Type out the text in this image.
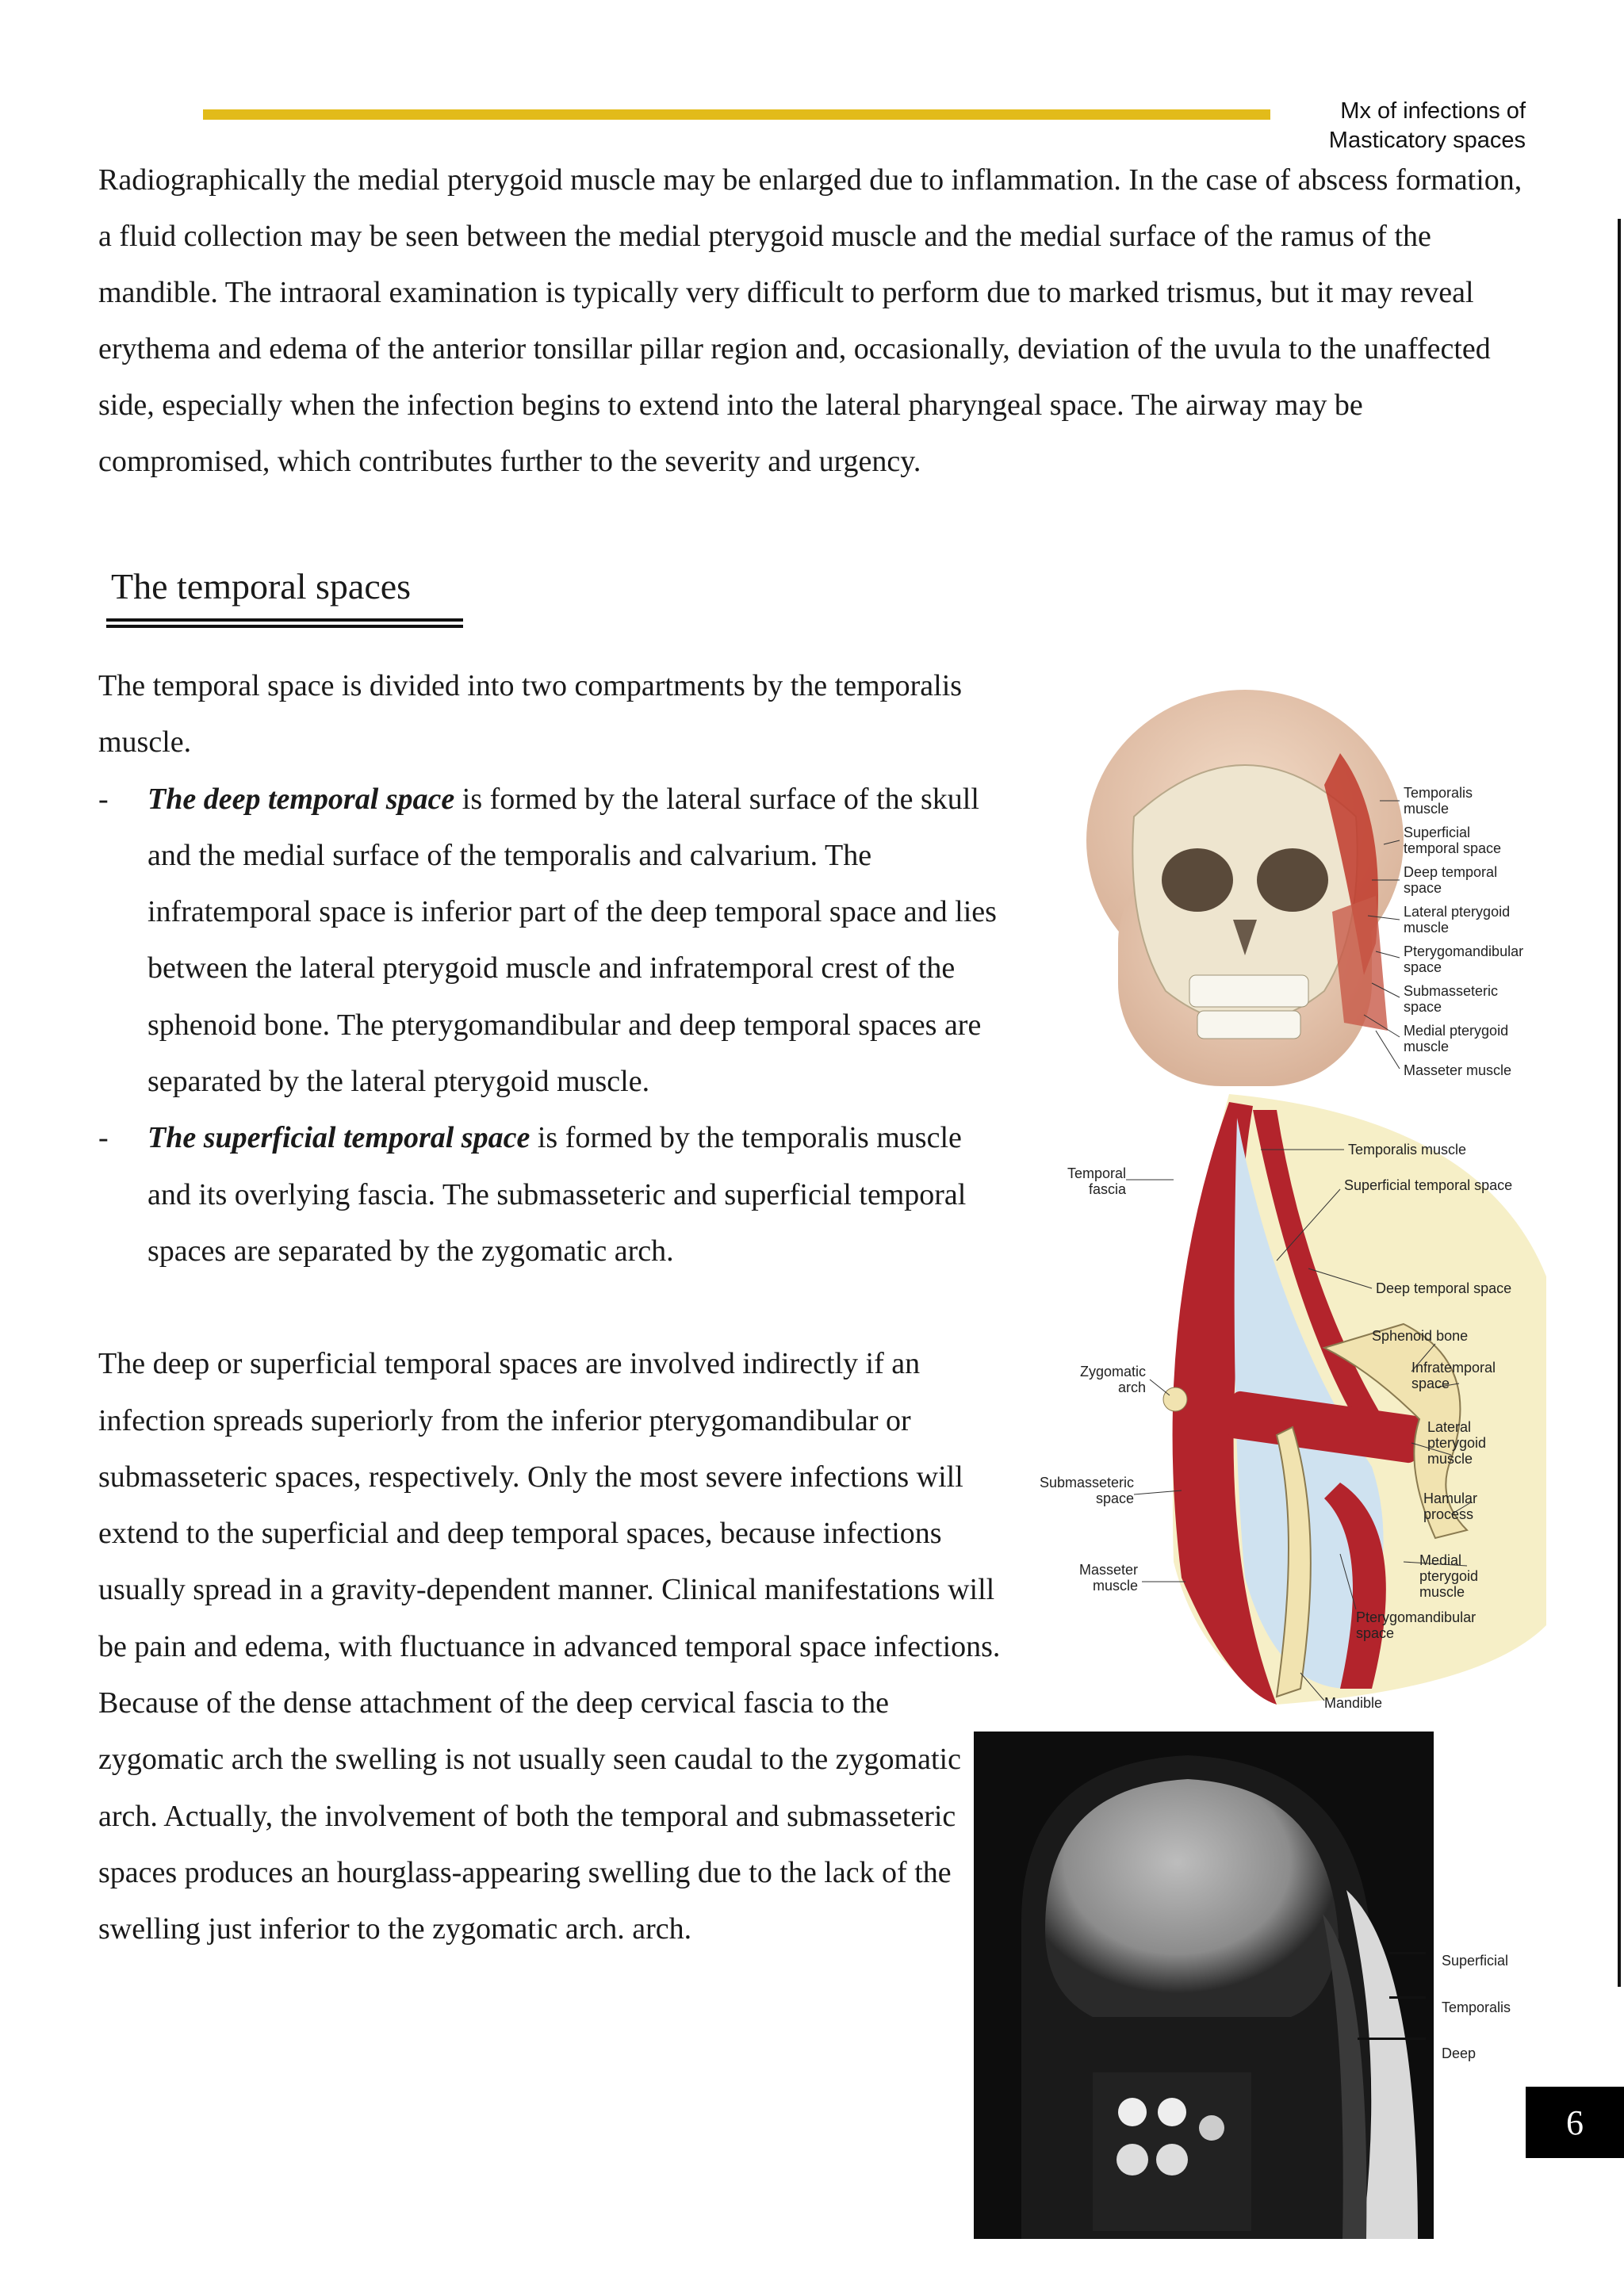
Mx of infections of
Masticatory spaces

Radiographically the medial pterygoid muscle may be enlarged due to inflammation. In the case of abscess formation, a fluid collection may be seen between the medial pterygoid muscle and the medial surface of the ramus of the mandible. The intraoral examination is typically very difficult to perform due to marked trismus, but it may reveal erythema and edema of the anterior tonsillar pillar region and, occasionally, deviation of the uvula to the unaffected side, especially when the infection begins to extend into the lateral pharyngeal space. The airway may be compromised, which contributes further to the severity and urgency.

The temporal spaces

The temporal space is divided into two compartments by the temporalis muscle.

-	The deep temporal space is formed by the lateral surface of the skull and the medial surface of the temporalis and calvarium. The infratemporal space is inferior part of the deep temporal space and lies between the lateral pterygoid muscle and infratemporal crest of the sphenoid bone. The pterygomandibular and deep temporal spaces are separated by the lateral pterygoid muscle.
-	The superficial temporal space is formed by the temporalis muscle and its overlying fascia. The submasseteric and superficial temporal spaces are separated by the zygomatic arch.

The deep or superficial temporal spaces are involved indirectly if an infection spreads superiorly from the inferior pterygomandibular or submasseteric spaces, respectively. Only the most severe infections will extend to the superficial and deep temporal spaces, because infections usually spread in a gravity-dependent manner. Clinical manifestations will be pain and edema, with fluctuance in advanced temporal space infections. Because of the dense attachment of the deep cervical fascia to the zygomatic arch the swelling is not usually seen caudal to the zygomatic arch. Actually, the involvement of both the temporal and submasseteric spaces produces an hourglass-appearing swelling due to the lack of the swelling just inferior to the zygomatic arch. arch.

Temporalis muscle
Superficial temporal space
Deep temporal space
Lateral pterygoid muscle
Pterygomandibular space
Submasseteric space
Medial pterygoid muscle
Masseter muscle
Temporalis muscle
Superficial temporal space
Temporal fascia
Deep temporal space
Sphenoid bone
Zygomatic arch
Infratemporal space
Lateral pterygoid muscle
Submasseteric space	Hamular process
Masseter muscle
Medial pterygoid muscle
Pterygomandibular space
Mandible
Superficial
Temporalis
Deep
6
